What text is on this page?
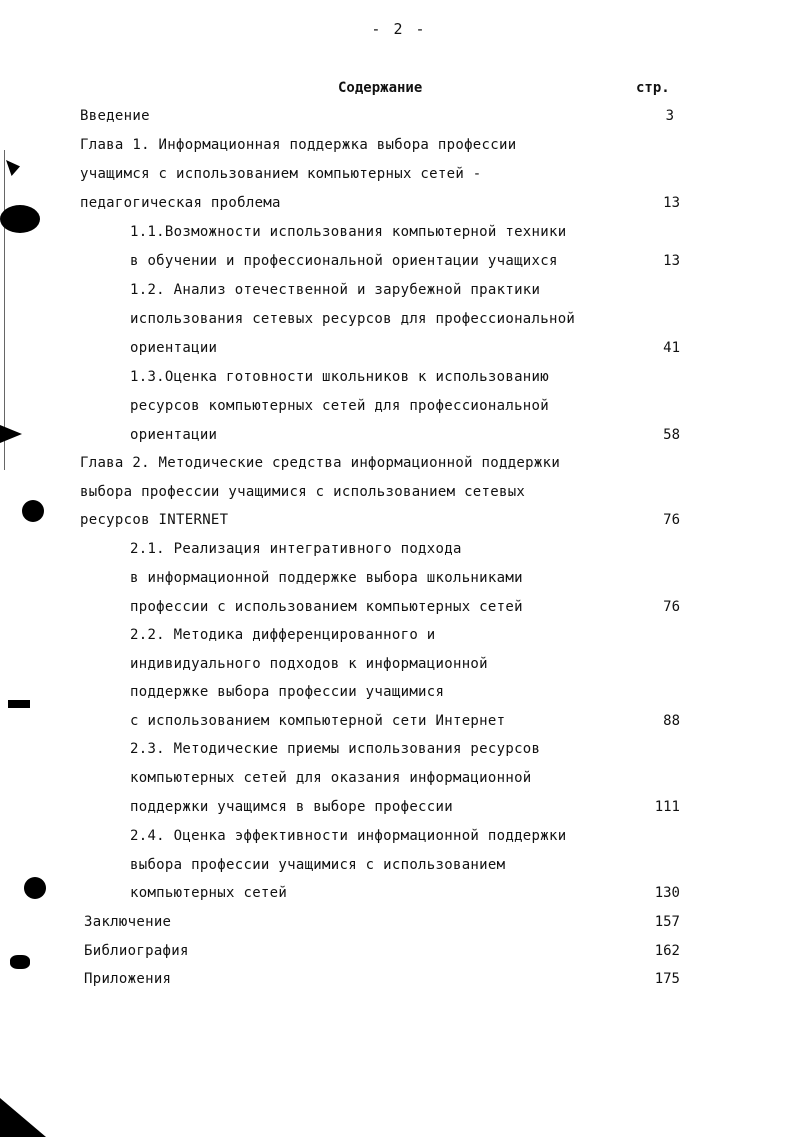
- 2 -
Содержание	стр.
Введение	3
Глава 1. Информационная поддержка выбора профессии
учащимся с использованием компьютерных сетей -
педагогическая проблема	13
1.1.Возможности использования компьютерной техники
в обучении и профессиональной ориентации учащихся	13
1.2. Анализ отечественной и зарубежной практики
использования сетевых ресурсов для профессиональной
ориентации	41
1.3.Оценка готовности школьников к использованию
ресурсов компьютерных сетей для профессиональной
ориентации	58
Глава 2. Методические средства информационной поддержки
выбора профессии учащимися с использованием сетевых
ресурсов INTERNET	76
2.1. Реализация интегративного подхода
в информационной поддержке выбора школьниками
профессии с использованием компьютерных сетей	76
2.2. Методика дифференцированного и
индивидуального подходов к информационной
поддержке выбора профессии учащимися
с использованием компьютерной сети Интернет	88
2.3. Методические приемы использования ресурсов
компьютерных сетей для оказания информационной
поддержки учащимся в выборе профессии	111
2.4. Оценка эффективности информационной поддержки
выбора профессии учащимися с использованием
компьютерных сетей	130
Заключение	157
Библиография	162
Приложения	175
